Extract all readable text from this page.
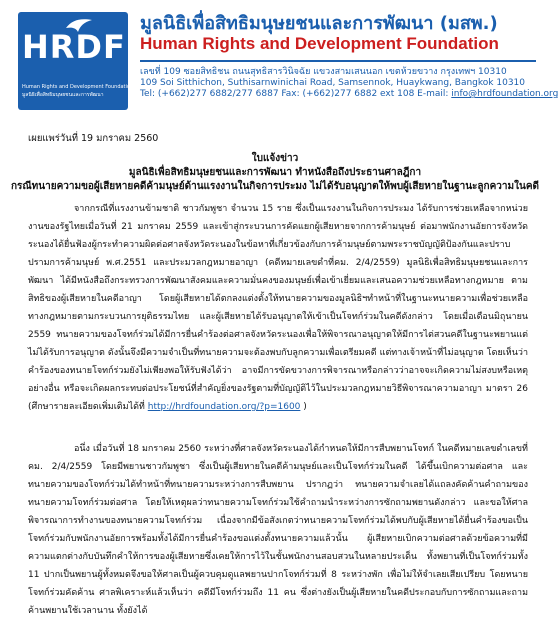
HRDF
Human Rights and Development Foundation
มูลนิธิเพื่อสิทธิมนุษยชนและการพัฒนา
มูลนิธิเพื่อสิทธิมนุษยชนและการพัฒนา (มสพ.)
Human Rights and Development Foundation
เลขที่ 109 ซอยสิทธิชน ถนนสุทธิสารวินิจฉัย แขวงสามเสนนอก เขตห้วยขวาง กรุงเทพฯ 10310
109 Soi Sitthichon, Suthisarnwinichai Road, Samsennok, Huaykwang, Bangkok 10310
Tel: (+662)277 6882/277 6887 Fax: (+662)277 6882 ext 108 E-mail: info@hrdfoundation.org
เผยแพร่วันที่ 19 มกราคม 2560
ใบแจ้งข่าว
มูลนิธิเพื่อสิทธิมนุษยชนและการพัฒนา ทำหนังสือถึงประธานศาลฎีกา
กรณีทนายความขอผู้เสียหายคดีค้ามนุษย์ด้านแรงงานในกิจการประมง ไม่ได้รับอนุญาตให้พบผู้เสียหายในฐานะลูกความในคดี

จากกรณีที่แรงงานข้ามชาติ ชาวกัมพูชา จำนวน 15 ราย ซึ่งเป็นแรงงานในกิจการประมง ได้รับการช่วยเหลือจากหน่วยงานของรัฐไทยเมื่อวันที่ 21 มกราคม 2559 และเข้าสู่กระบวนการคัดแยกผู้เสียหายจากการค้ามนุษย์ ต่อมาพนักงานอัยการจังหวัดระนองได้ยื่นฟ้องผู้กระทำความผิดต่อศาลจังหวัดระนองในข้อหาที่เกี่ยวข้องกับการค้ามนุษย์ตามพระราชบัญญัติป้องกันและปราบปรามการค้ามนุษย์ พ.ศ.2551 และประมวลกฎหมายอาญา (คดีหมายเลขดำที่คม. 2/4/2559) มูลนิธิเพื่อสิทธิมนุษยชนและการพัฒนา ได้มีหนังสือถึงกระทรวงการพัฒนาสังคมและความมั่นคงของมนุษย์เพื่อเข้าเยี่ยมและเสนอความช่วยเหลือทางกฎหมาย ตามสิทธิของผู้เสียหายในคดีอาญา โดยผู้เสียหายได้ตกลงแต่งตั้งให้ทนายความของมูลนิธิฯทำหน้าที่ในฐานะทนายความเพื่อช่วยเหลือทางกฎหมายตามกระบวนการยุติธรรมไทย และผู้เสียหายได้รับอนุญาตให้เข้าเป็นโจทก์ร่วมในคดีดังกล่าว โดยเมื่อเดือนมิถุนายน 2559 ทนายความของโจทก์ร่วมได้มีการยื่นคำร้องต่อศาลจังหวัดระนองเพื่อให้พิจารณาอนุญาตให้มีการไต่สวนคดีในฐานะพยานแต่ไม่ได้รับการอนุญาต ดังนั้นจึงมีความจำเป็นที่ทนายความจะต้องพบกับลูกความเพื่อเตรียมคดี แต่ทางเจ้าหน้าที่ไม่อนุญาต โดยเห็นว่าคำร้องของทนายโจทก์ร่วมยังไม่เพียงพอให้รับฟังได้ว่า อาจมีการขัดขวางการพิจารณาหรือกล่าวว่าอาจจะเกิดความไม่สงบหรือเหตุอย่างอื่น หรือจะเกิดผลกระทบต่อประโยชน์ที่สำคัญยิ่งของรัฐตามที่บัญญัติไว้ในประมวลกฎหมายวิธีพิจารณาความอาญา มาตรา 26 (ศึกษารายละเอียดเพิ่มเติมได้ที่ http://hrdfoundation.org/?p=1600 )

อนึ่ง เมื่อวันที่ 18 มกราคม 2560 ระหว่างที่ศาลจังหวัดระนองได้กำหนดให้มีการสืบพยานโจทก์ ในคดีหมายเลขดำเลขที่คม. 2/4/2559 โดยมีพยานชาวกัมพูชา ซึ่งเป็นผู้เสียหายในคดีค้ามนุษย์และเป็นโจทก์ร่วมในคดี ได้ขึ้นเบิกความต่อศาล และทนายความของโจทก์ร่วมได้ทำหน้าที่ทนายความระหว่างการสืบพยาน ปรากฏว่า ทนายความจำเลยได้แถลงคัดค้านคำถามของทนายความโจทก์ร่วมต่อศาล โดยให้เหตุผลว่าทนายความโจทก์ร่วมใช้คำถามนำระหว่างการซักถามพยานดังกล่าว และขอให้ศาลพิจารณาการทำงานของทนายความโจทก์ร่วม เนื่องจากมีข้อสังเกตว่าทนายความโจทก์ร่วมได้พบกับผู้เสียหายได้ยื่นคำร้องขอเป็นโจทก์ร่วมกับพนักงานอัยการพร้อมทั้งได้มีการยื่นคำร้องขอแต่งตั้งทนายความแล้วนั้น ผู้เสียหายเบิกความต่อศาลด้วยข้อความที่มีความแตกต่างกับบันทึกคำให้การของผู้เสียหายซึ่งเคยให้การไว้ในชั้นพนักงานสอบสวนในหลายประเด็น ทั้งพยานที่เป็นโจทก์ร่วมทั้ง 11 ปากเป็นพยานผู้ทั้งหมดจึงขอให้ศาลเป็นผู้ควบคุมดูแลพยานปากโจทก์ร่วมที่ 8 ระหว่างพัก เพื่อไม่ให้จำเลยเสียเปรียบ โดยทนายโจทก์ร่วมคัดค้าน ศาลพิเคราะห์แล้วเห็นว่า คดีมีโจทก์ร่วมถึง 11 คน ซึ่งต่างยังเป็นผู้เสียหายในคดีประกอบกับการซักถามและถามค้านพยานใช้เวลานาน ทั้งยังได้
